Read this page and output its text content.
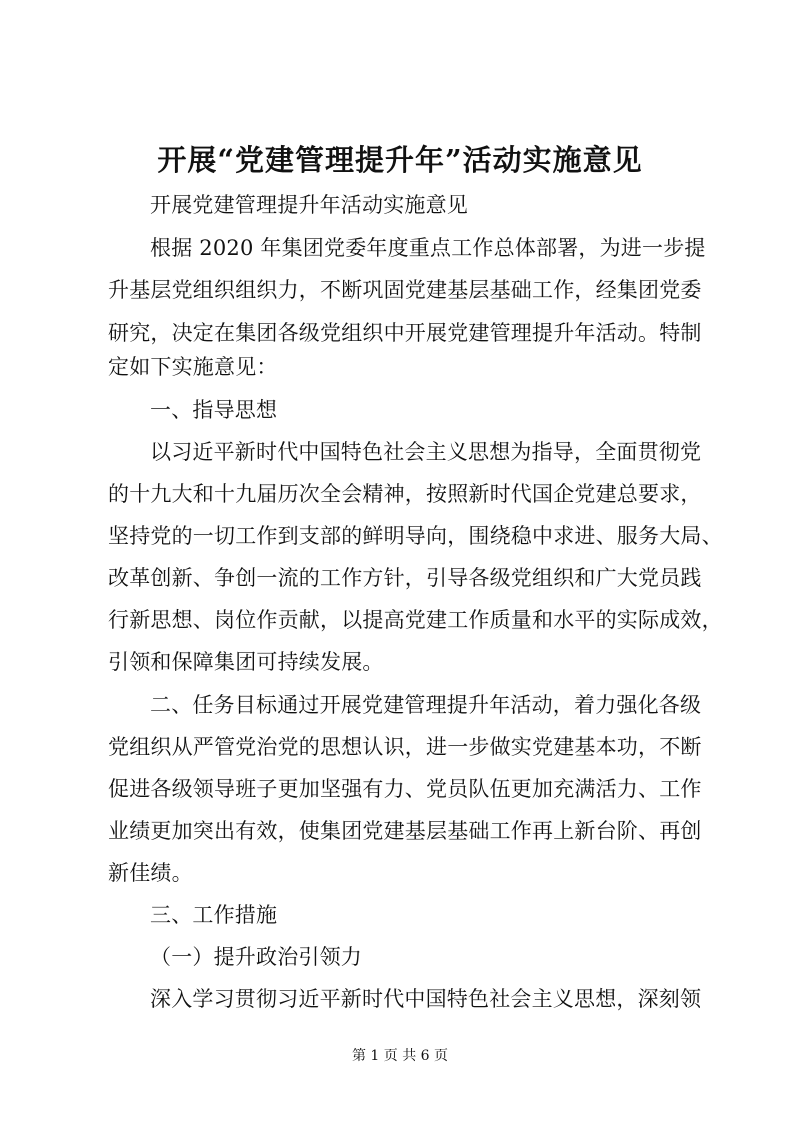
开展“党建管理提升年”活动实施意见
开展党建管理提升年活动实施意见
根据 2020 年集团党委年度重点工作总体部署，为进一步提
升基层党组织组织力，不断巩固党建基层基础工作，经集团党委
研究，决定在集团各级党组织中开展党建管理提升年活动。特制
定如下实施意见：
一、指导思想
以习近平新时代中国特色社会主义思想为指导，全面贯彻党
的十九大和十九届历次全会精神，按照新时代国企党建总要求，
坚持党的一切工作到支部的鲜明导向，围绕稳中求进、服务大局、
改革创新、争创一流的工作方针，引导各级党组织和广大党员践
行新思想、岗位作贡献，以提高党建工作质量和水平的实际成效，
引领和保障集团可持续发展。
二、任务目标通过开展党建管理提升年活动，着力强化各级
党组织从严管党治党的思想认识，进一步做实党建基本功，不断
促进各级领导班子更加坚强有力、党员队伍更加充满活力、工作
业绩更加突出有效，使集团党建基层基础工作再上新台阶、再创
新佳绩。
三、工作措施
（一）提升政治引领力
深入学习贯彻习近平新时代中国特色社会主义思想，深刻领
第 1 页 共 6 页
